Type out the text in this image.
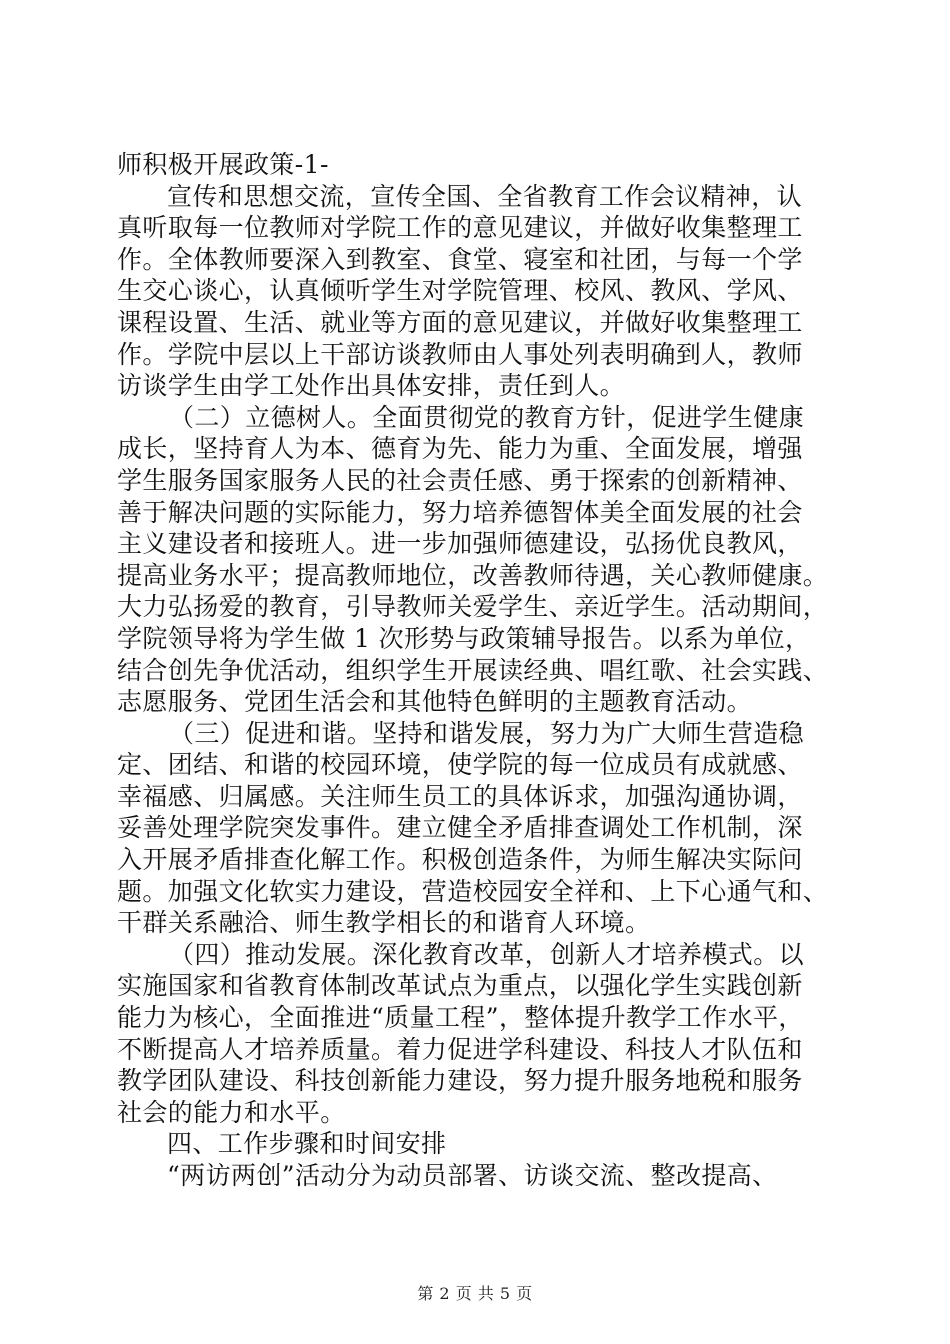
师积极开展政策-1-
宣传和思想交流，宣传全国、全省教育工作会议精神，认
真听取每一位教师对学院工作的意见建议，并做好收集整理工
作。全体教师要深入到教室、食堂、寝室和社团，与每一个学
生交心谈心，认真倾听学生对学院管理、校风、教风、学风、
课程设置、生活、就业等方面的意见建议，并做好收集整理工
作。学院中层以上干部访谈教师由人事处列表明确到人，教师
访谈学生由学工处作出具体安排，责任到人。
（二）立德树人。全面贯彻党的教育方针，促进学生健康
成长，坚持育人为本、德育为先、能力为重、全面发展，增强
学生服务国家服务人民的社会责任感、勇于探索的创新精神、
善于解决问题的实际能力，努力培养德智体美全面发展的社会
主义建设者和接班人。进一步加强师德建设，弘扬优良教风，
提高业务水平；提高教师地位，改善教师待遇，关心教师健康。
大力弘扬爱的教育，引导教师关爱学生、亲近学生。活动期间，
学院领导将为学生做 1 次形势与政策辅导报告。以系为单位，
结合创先争优活动，组织学生开展读经典、唱红歌、社会实践、
志愿服务、党团生活会和其他特色鲜明的主题教育活动。
（三）促进和谐。坚持和谐发展，努力为广大师生营造稳
定、团结、和谐的校园环境，使学院的每一位成员有成就感、
幸福感、归属感。关注师生员工的具体诉求，加强沟通协调，
妥善处理学院突发事件。建立健全矛盾排查调处工作机制，深
入开展矛盾排查化解工作。积极创造条件，为师生解决实际问
题。加强文化软实力建设，营造校园安全祥和、上下心通气和、
干群关系融洽、师生教学相长的和谐育人环境。
（四）推动发展。深化教育改革，创新人才培养模式。以
实施国家和省教育体制改革试点为重点，以强化学生实践创新
能力为核心，全面推进“质量工程”，整体提升教学工作水平，
不断提高人才培养质量。着力促进学科建设、科技人才队伍和
教学团队建设、科技创新能力建设，努力提升服务地税和服务
社会的能力和水平。
四、工作步骤和时间安排
“两访两创”活动分为动员部署、访谈交流、整改提高、
第 2 页 共 5 页
